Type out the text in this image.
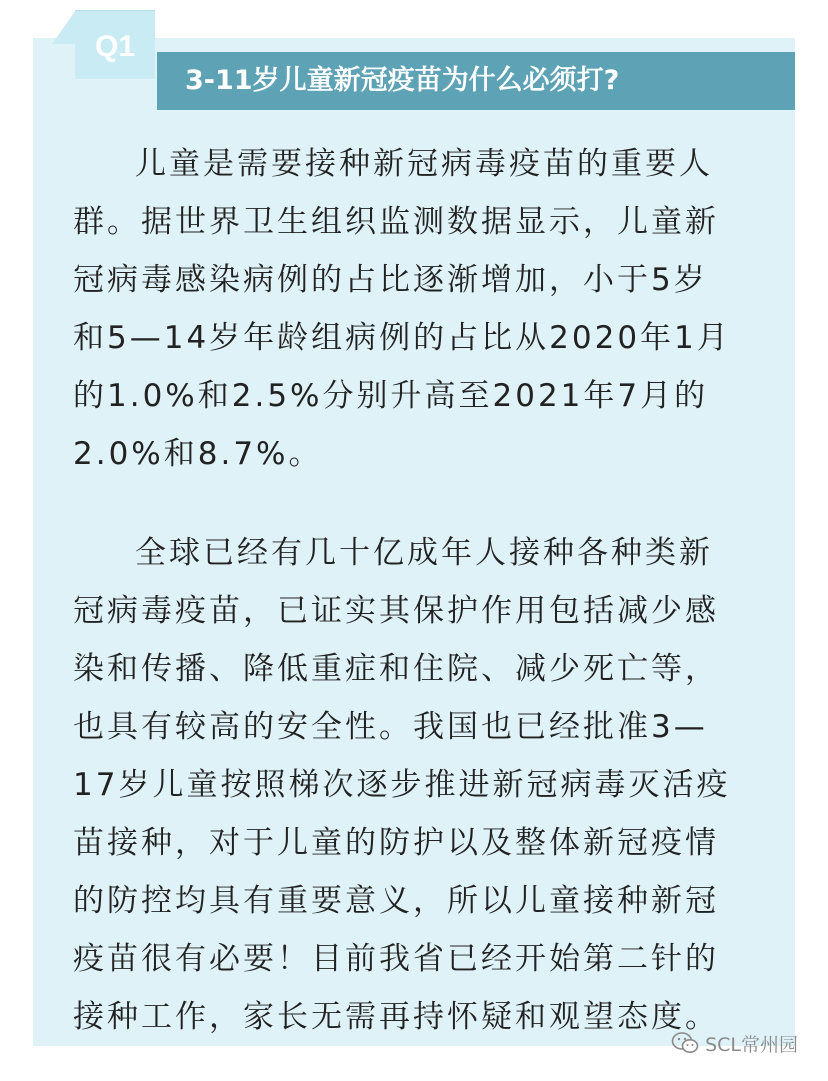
Q1
3-11岁儿童新冠疫苗为什么必须打?
儿童是需要接种新冠病毒疫苗的重要人
群。据世界卫生组织监测数据显示，儿童新
冠病毒感染病例的占比逐渐增加，小于5岁
和5—14岁年龄组病例的占比从2020年1月
的1.0%和2.5%分别升高至2021年7月的
2.0%和8.7%。
全球已经有几十亿成年人接种各种类新
冠病毒疫苗，已证实其保护作用包括减少感
染和传播、降低重症和住院、减少死亡等，
也具有较高的安全性。我国也已经批准3—
17岁儿童按照梯次逐步推进新冠病毒灭活疫
苗接种，对于儿童的防护以及整体新冠疫情
的防控均具有重要意义，所以儿童接种新冠
疫苗很有必要！目前我省已经开始第二针的
接种工作，家长无需再持怀疑和观望态度。
SCL常州园
